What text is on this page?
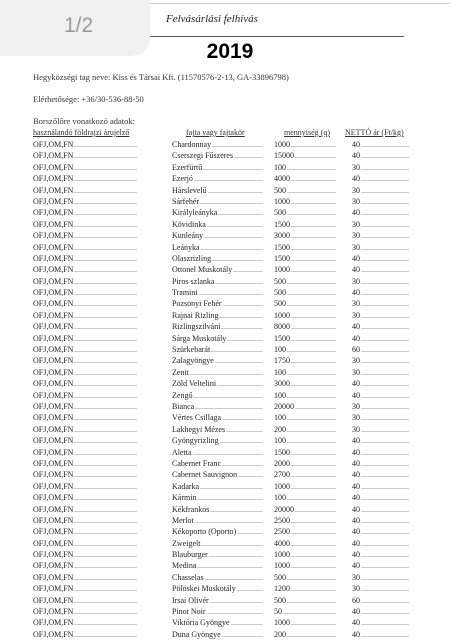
1/2	Felvásárlási felhívás
2019
Hegyközségi tag neve: Kiss és Társai Kft. (11570576-2-13, GA-33896798)
Elérhetősége: +36/30-536-88-50
Borszőlőre vonatkozó adatok:
használandó földrajzi árujelző	fajta vagy fajtakör	mennyiség (q) NETTÓ ár (Ft/kg)
OFJ,OM,FN .....	Chardonnay .....	1000 .....	40 .....
OFJ,OM,FN .....	Cserszegi Fűszeres .....	15000 .....	40 .....
OFJ,OM,FN .....	Ezerfürtű .....	100 .....	30 .....
OFJ,OM,FN .....	Ezerjó .....	4000 .....	40 .....
OFJ,OM,FN .....	Hárslevelű .....	500 .....	30 .....
OFJ,OM,FN .....	Sárfehér .....	1000 .....	30 .....
OFJ,OM,FN .....	Királyleányka .....	500 .....	40 .....
OFJ,OM,FN .....	Kövidinka .....	1500 .....	30 .....
OFJ,OM,FN .....	Kunleány .....	3000 .....	30 .....
OFJ,OM,FN .....	Leányka .....	1500 .....	30 .....
OFJ,OM,FN .....	Olaszrizling .....	1500 .....	40 .....
OFJ,OM,FN .....	Ottonel Muskotály .....	1000 .....	40 .....
OFJ,OM,FN .....	Piros szlanka .....	500 .....	30 .....
OFJ,OM,FN .....	Tramini .....	500 .....	40 .....
OFJ,OM,FN .....	Pozsonyi Fehér .....	500 .....	30 .....
OFJ,OM,FN .....	Rajnai Rizling .....	1000 .....	30 .....
OFJ,OM,FN .....	Rizlingszilváni .....	8000 .....	40 .....
OFJ,OM,FN .....	Sárga Muskotály .....	1500 .....	40 .....
OFJ,OM,FN .....	Szürkebarát .....	100 .....	60 .....
OFJ,OM,FN .....	Zalagyöngye .....	1750 .....	30 .....
OFJ,OM,FN .....	Zenit .....	100 .....	30 .....
OFJ,OM,FN .....	Zöld Veltelini .....	3000 .....	40 .....
OFJ,OM,FN .....	Zengő .....	100 .....	40 .....
OFJ,OM,FN .....	Bianca .....	20000 .....	30 .....
OFJ,OM,FN .....	Vértes Csillaga .....	100 .....	30 .....
OFJ,OM,FN .....	Lakhegyi Mézes .....	200 .....	30 .....
OFJ,OM,FN .....	Gyöngyrizling .....	100 .....	40 .....
OFJ,OM,FN .....	Aletta .....	1500 .....	40 .....
OFJ,OM,FN .....	Cabernet Franc .....	2000 .....	40 .....
OFJ,OM,FN .....	Cabernet Sauvignon .....	2700 .....	40 .....
OFJ,OM,FN .....	Kadarka .....	1000 .....	40 .....
OFJ,OM,FN .....	Kármin .....	100 .....	40 .....
OFJ,OM,FN .....	Kékfrankos .....	20000 .....	40 .....
OFJ,OM,FN .....	Merlot .....	2500 .....	40 .....
OFJ,OM,FN .....	Kékoporto (Oporto) .....	2500 .....	40 .....
OFJ,OM,FN .....	Zweigelt .....	4000 .....	40 .....
OFJ,OM,FN .....	Blauburger .....	1000 .....	40 .....
OFJ,OM,FN .....	Medina .....	1000 .....	40 .....
OFJ,OM,FN .....	Chasselas .....	500 .....	30 .....
OFJ,OM,FN .....	Pölöskei Muskotály .....	1200 .....	30 .....
OFJ,OM,FN .....	Irsai Olivér .....	500 .....	60 .....
OFJ,OM,FN .....	Pinot Noir .....	50 .....	40 .....
OFJ,OM,FN .....	Viktória Gyöngye .....	1000 .....	40 .....
OFJ,OM,FN .....	Duna Gyöngye .....	200 .....	40 .....
